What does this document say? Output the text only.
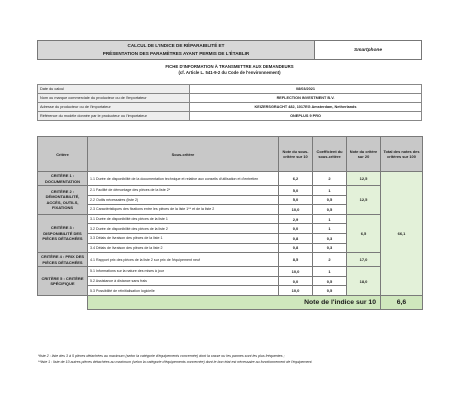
CALCUL DE L'INDICE DE RÉPARABILITÉ ET
PRÉSENTATION DES PARAMÈTRES AYANT PERMIS DE L'ÉTABLIR
Smartphone
FICHE D'INFORMATION À TRANSMETTRE AUX DEMANDEURS
(cf. Article L. 541-9-2 du Code de l'environnement)
Date du calcul	08/03/2021
Nom ou marque commerciale du producteur ou de l'importateur	REFLECTION INVESTMENT B.V.
Adresse du producteur ou de l'importateur	KEIZERSGRACHT 482, 1017EG Amsterdam, Netherlands
Référence du modèle donnée par le producteur ou l'importateur	ONEPLUS 9 PRO
Critère	Sous-critère	Note du sous-critère sur 10	Coefficient du sous-critère	Note du critère sur 20	Total des notes des critères sur 100
CRITÈRE 1 : DOCUMENTATION	1.1 Durée de disponibilité de la documentation technique et relative aux conseils d'utilisation et d'entretien	6,2	2	12,5	66,1
CRITÈRE 2 : DÉMONTABILITÉ, ACCÈS, OUTILS, FIXATIONS	2.1 Facilité de démontage des pièces de la liste 2*	5,0	1	12,5	
	2.2 Outils nécessaires (liste 2)	5,0	0,5		
	2.3 Caractéristiques des fixations entre les pièces de la liste 1** et de la liste 2	10,0	0,5		
CRITÈRE 3 : DISPONIBILITÉ DES PIÈCES DÉTACHÉES	3.1 Durée de disponibilité des pièces de la liste 1	2,9	1	6,5	
	3.2 Durée de disponibilité des pièces de la liste 2	0,0	1		
	3.3 Délais de livraison des pièces de la liste 1	0,8	0,3		
	3.4 Délais de livraison des pièces de la liste 2	0,8	0,3		
CRITÈRE 4 : PRIX DES PIÈCES DÉTACHÉES	4.1 Rapport prix des pièces de la liste 2 sur prix de l'équipement neuf	8,5	2	17,0	
CRITÈRE 5 : CRITÈRE SPÉCIFIQUE	5.1 Informations sur la nature des mises à jour	10,0	1	18,0	
	5.2 Assistance à distance sans frais	0,0	0,5		
	5.3 Possibilité de réinitialisation logicielle	10,0	0,5		
	Note de l'indice sur 10				6,6
*liste 2 : liste des 3 à 5 pièces détachées au maximum (selon la catégorie d'équipements concernée) dont la casse ou les pannes sont les plus fréquentes ;
**liste 1 : liste de 10 autres pièces détachées au maximum (selon la catégorie d'équipements concernée) dont le bon état est nécessaire au fonctionnement de l'équipement.
